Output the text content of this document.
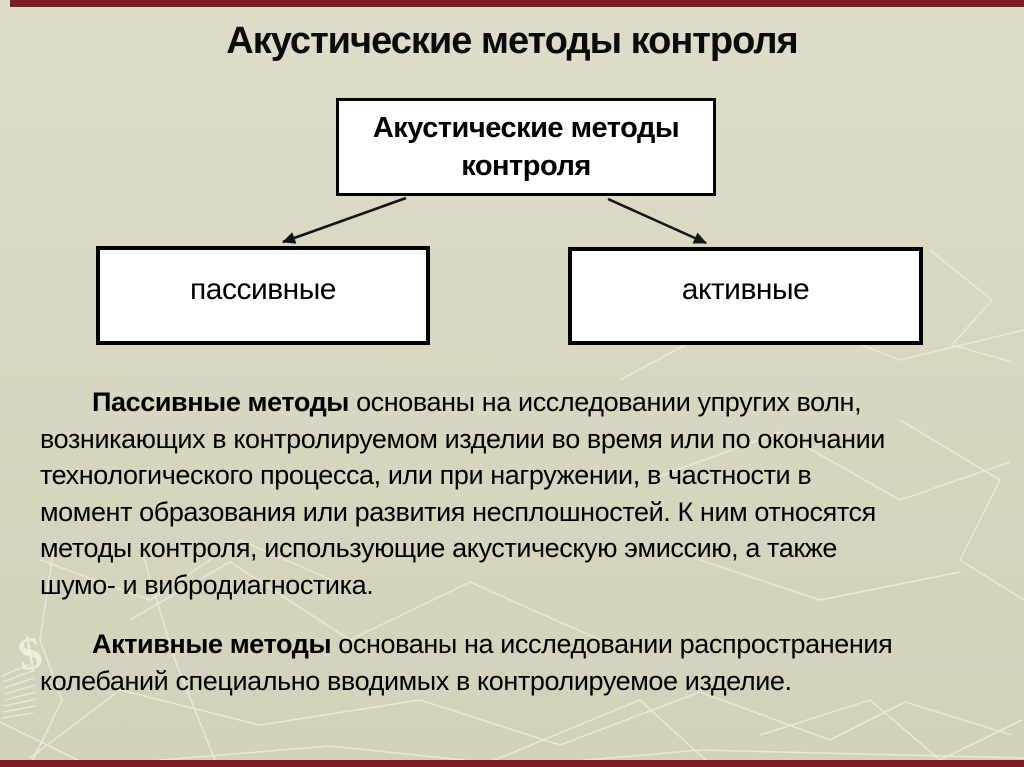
$
Акустические методы контроля
Акустические методы контроля
пассивные	активные
Пассивные методы основаны на исследовании упругих волн,
возникающих в контролируемом изделии во время или по окончании
технологического процесса, или при нагружении, в частности в
момент образования или развития несплошностей. К ним относятся
методы контроля, использующие акустическую эмиссию, а также
шумо- и вибродиагностика.
Активные методы основаны на исследовании распространения
колебаний специально вводимых в контролируемое изделие.
